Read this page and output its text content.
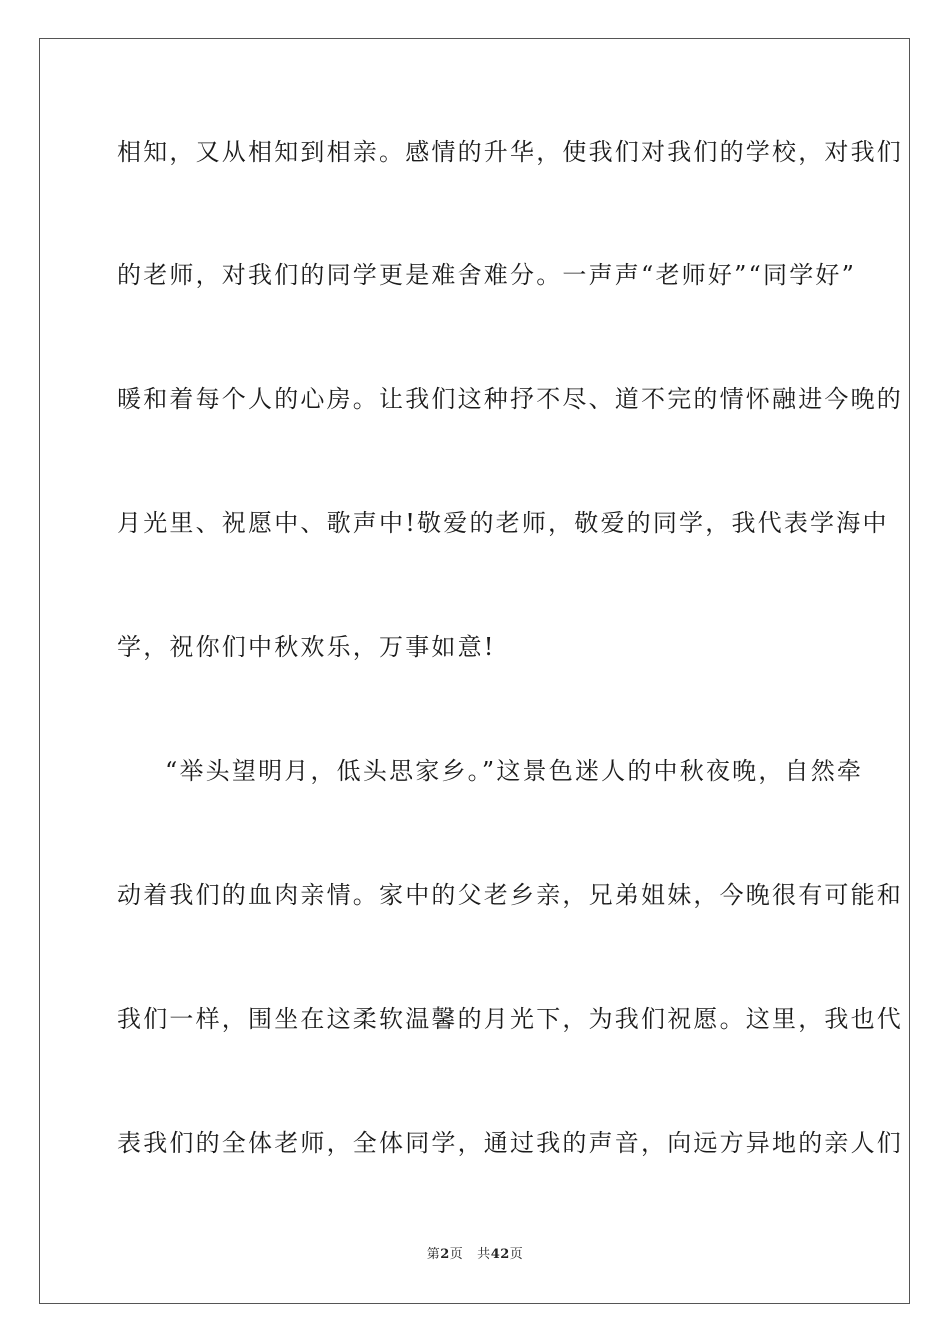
相知，又从相知到相亲。感情的升华，使我们对我们的学校，对我们
的老师，对我们的同学更是难舍难分。一声声“老师好”“同学好”
暖和着每个人的心房。让我们这种抒不尽、道不完的情怀融进今晚的
月光里、祝愿中、歌声中!敬爱的老师，敬爱的同学，我代表学海中
学，祝你们中秋欢乐，万事如意!
“举头望明月，低头思家乡。”这景色迷人的中秋夜晚，自然牵
动着我们的血肉亲情。家中的父老乡亲，兄弟姐妹，今晚很有可能和
我们一样，围坐在这柔软温馨的月光下，为我们祝愿。这里，我也代
表我们的全体老师，全体同学，通过我的声音，向远方异地的亲人们
第2页 共42页
